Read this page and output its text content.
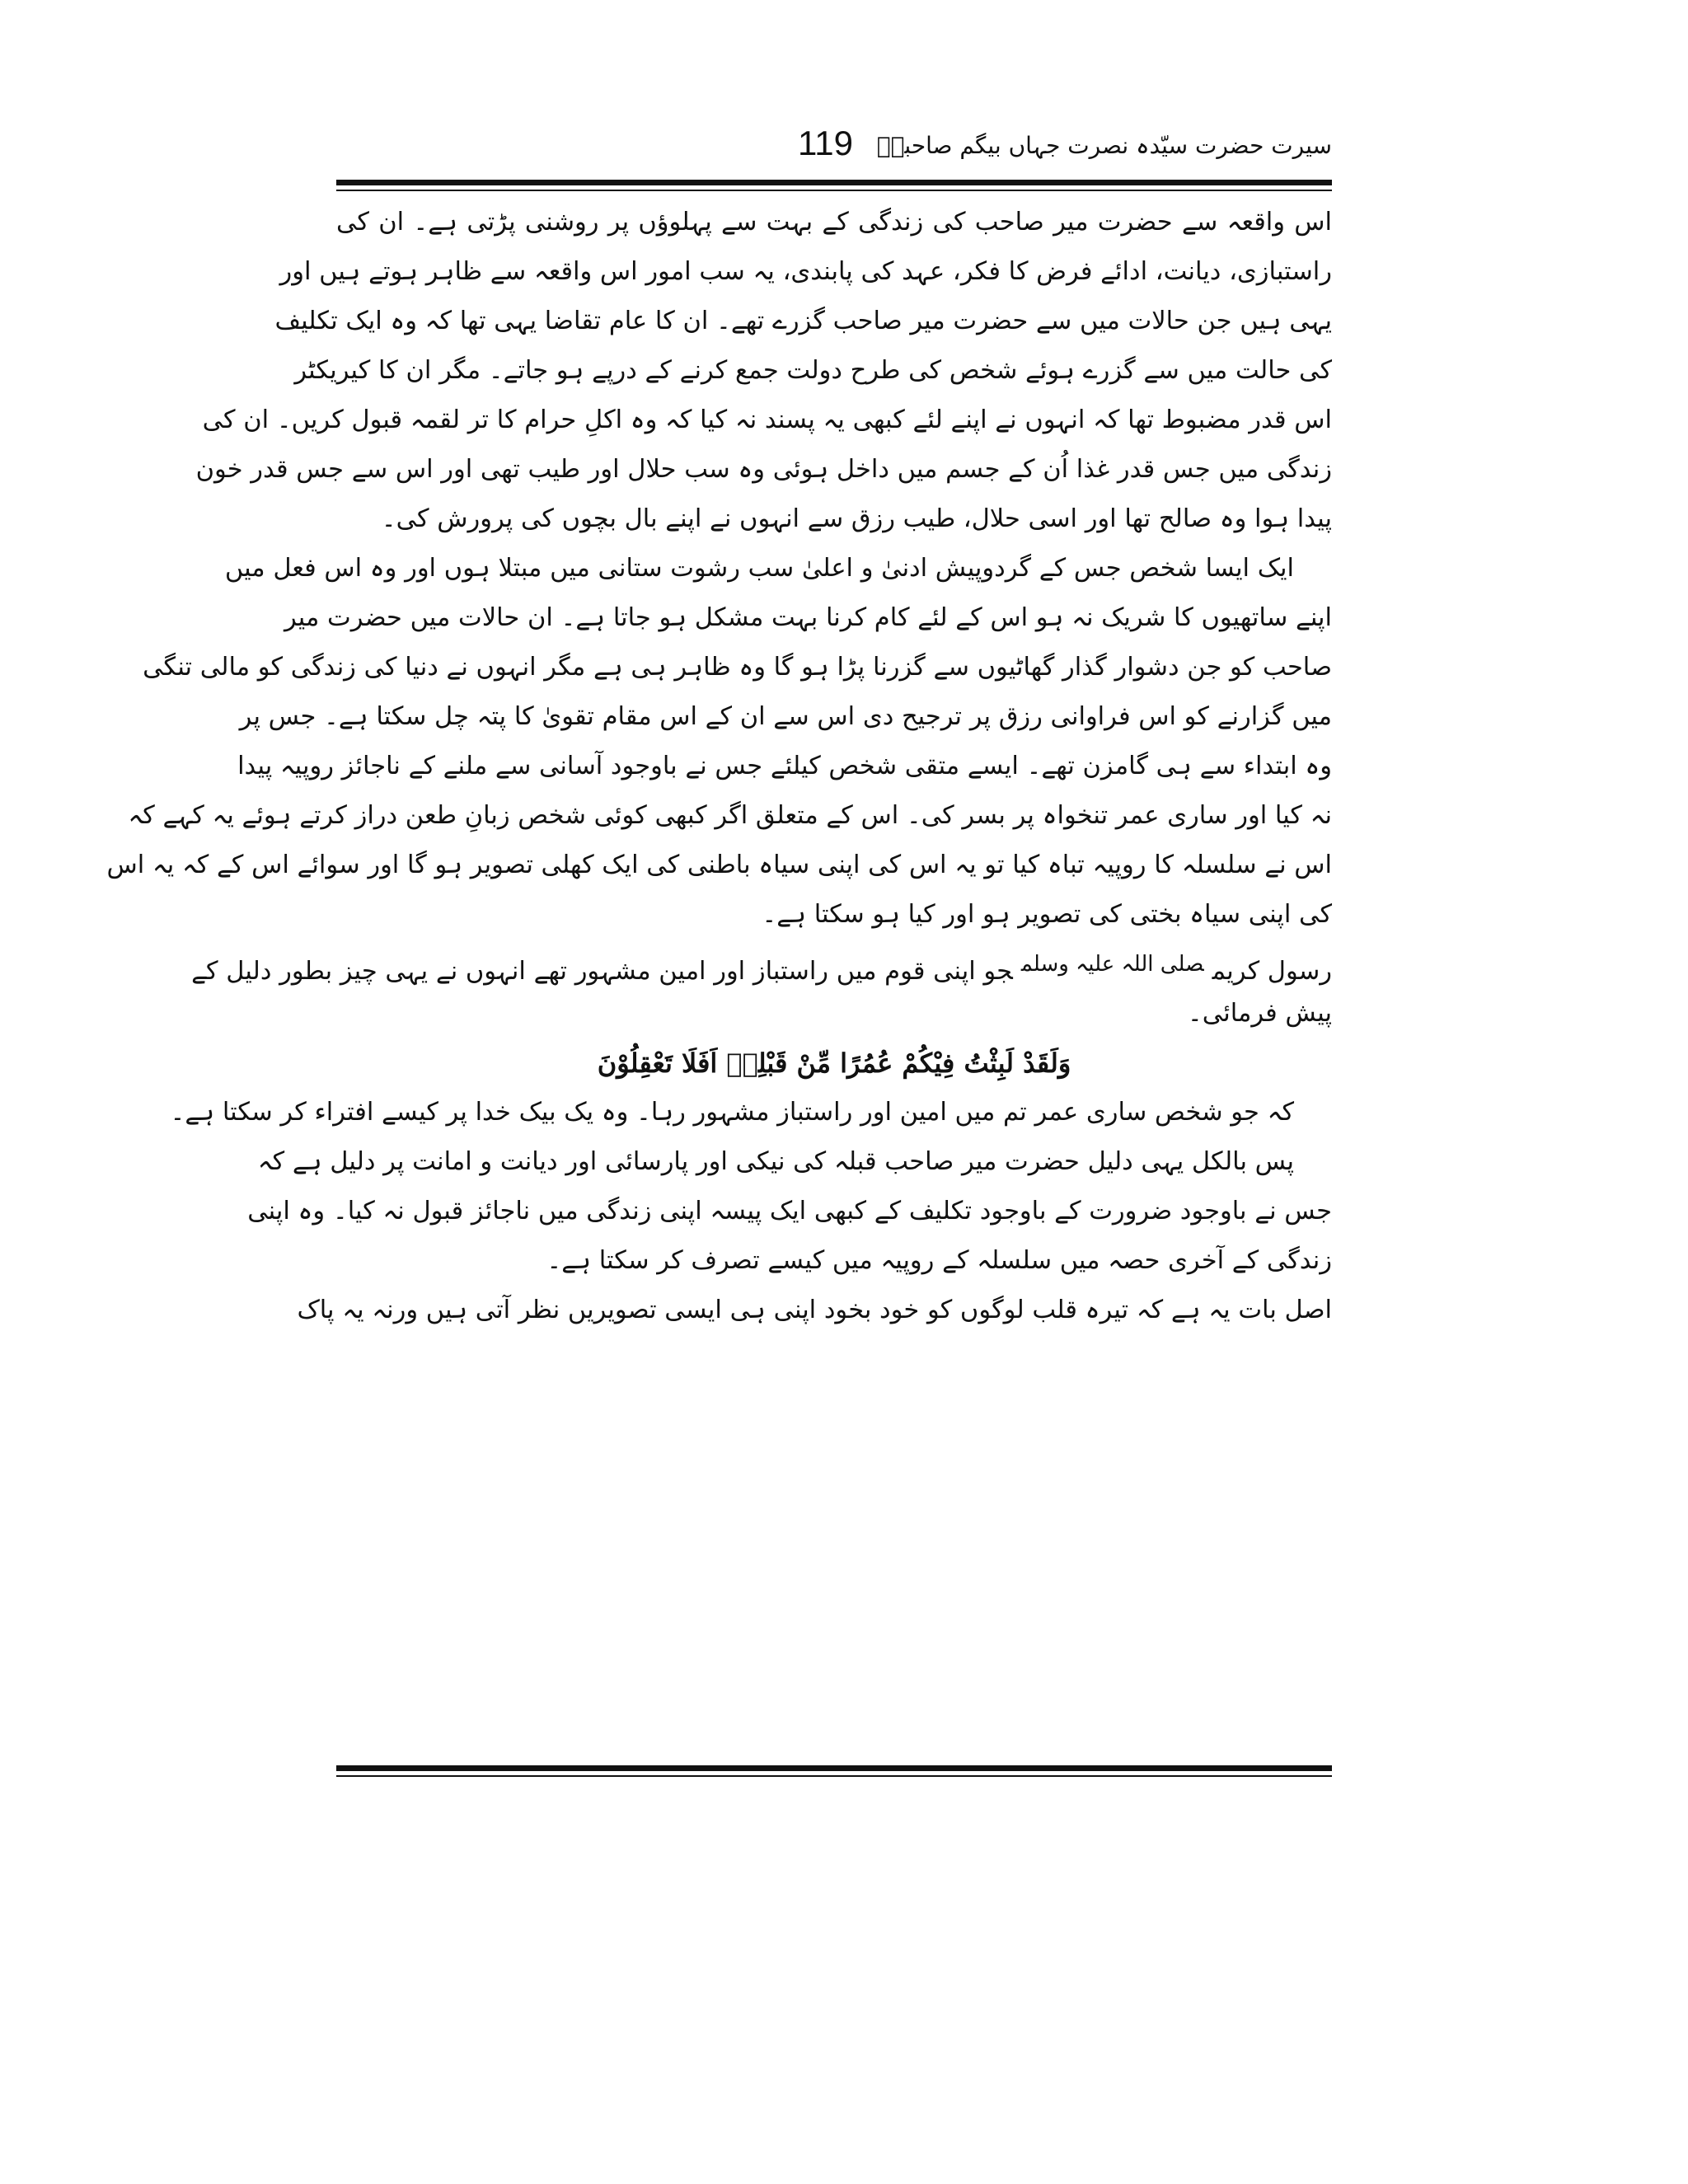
سیرت حضرت سیّدہ نصرت جہاں بیگم صاحبہؓ
119
اس واقعہ سے حضرت میر صاحب کی زندگی کے بہت سے پہلوؤں پر روشنی پڑتی ہے۔ ان کی
راستبازی، دیانت، ادائے فرض کا فکر، عہد کی پابندی، یہ سب امور اس واقعہ سے ظاہر ہوتے ہیں اور
یہی ہیں جن حالات میں سے حضرت میر صاحب گزرے تھے۔ ان کا عام تقاضا یہی تھا کہ وہ ایک تکلیف
کی حالت میں سے گزرے ہوئے شخص کی طرح دولت جمع کرنے کے درپے ہو جاتے۔ مگر ان کا کیریکٹر
اس قدر مضبوط تھا کہ انہوں نے اپنے لئے کبھی یہ پسند نہ کیا کہ وہ اکلِ حرام کا تر لقمہ قبول کریں۔ ان کی
زندگی میں جس قدر غذا اُن کے جسم میں داخل ہوئی وہ سب حلال اور طیب تھی اور اس سے جس قدر خون
پیدا ہوا وہ صالح تھا اور اسی حلال، طیب رزق سے انہوں نے اپنے بال بچوں کی پرورش کی۔
ایک ایسا شخص جس کے گردوپیش ادنیٰ و اعلیٰ سب رشوت ستانی میں مبتلا ہوں اور وہ اس فعل میں
اپنے ساتھیوں کا شریک نہ ہو اس کے لئے کام کرنا بہت مشکل ہو جاتا ہے۔ ان حالات میں حضرت میر
صاحب کو جن دشوار گذار گھاٹیوں سے گزرنا پڑا ہو گا وہ ظاہر ہی ہے مگر انہوں نے دنیا کی زندگی کو مالی تنگی
میں گزارنے کو اس فراوانی رزق پر ترجیح دی اس سے ان کے اس مقام تقویٰ کا پتہ چل سکتا ہے۔ جس پر
وہ ابتداء سے ہی گامزن تھے۔ ایسے متقی شخص کیلئے جس نے باوجود آسانی سے ملنے کے ناجائز روپیہ پیدا
نہ کیا اور ساری عمر تنخواہ پر بسر کی۔ اس کے متعلق اگر کبھی کوئی شخص زبانِ طعن دراز کرتے ہوئے یہ کہے کہ
اس نے سلسلہ کا روپیہ تباہ کیا تو یہ اس کی اپنی سیاہ باطنی کی ایک کھلی تصویر ہو گا اور سوائے اس کے کہ یہ اس
کی اپنی سیاہ بختی کی تصویر ہو اور کیا ہو سکتا ہے۔
رسول کریمصلی اللہ علیہ وسلمجو اپنی قوم میں راستباز اور امین مشہور تھے انہوں نے یہی چیز بطور دلیل کے
پیش فرمائی۔
وَلَقَدْ لَبِثْتُ فِيْكُمْ عُمُرًا مِّنْ قَبْلِهٖ اَفَلَا تَعْقِلُوْنَ
کہ جو شخص ساری عمر تم میں امین اور راستباز مشہور رہا۔ وہ یک بیک خدا پر کیسے افتراء کر سکتا ہے۔
پس بالکل یہی دلیل حضرت میر صاحب قبلہ کی نیکی اور پارسائی اور دیانت و امانت پر دلیل ہے کہ
جس نے باوجود ضرورت کے باوجود تکلیف کے کبھی ایک پیسہ اپنی زندگی میں ناجائز قبول نہ کیا۔ وہ اپنی
زندگی کے آخری حصہ میں سلسلہ کے روپیہ میں کیسے تصرف کر سکتا ہے۔
اصل بات یہ ہے کہ تیرہ قلب لوگوں کو خود بخود اپنی ہی ایسی تصویریں نظر آتی ہیں ورنہ یہ پاک
